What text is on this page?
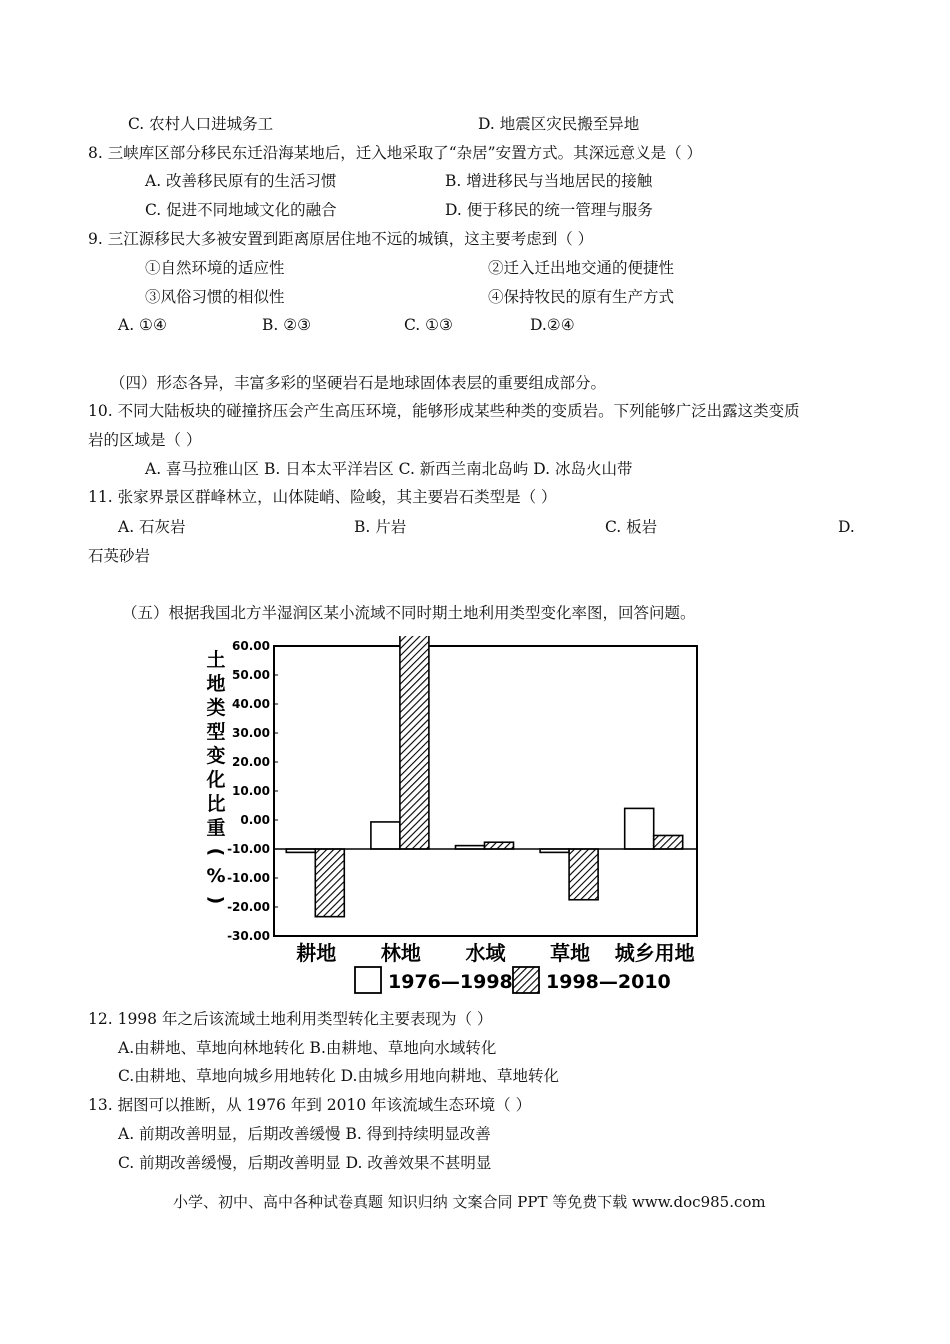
C. 农村人口进城务工	D. 地震区灾民搬至异地
8. 三峡库区部分移民东迁沿海某地后，迁入地采取了“杂居”安置方式。其深远意义是（ ）
A. 改善移民原有的生活习惯	B. 增进移民与当地居民的接触
C. 促进不同地域文化的融合	D. 便于移民的统一管理与服务
9. 三江源移民大多被安置到距离原居住地不远的城镇，这主要考虑到（ ）
①自然环境的适应性	②迁入迁出地交通的便捷性
③风俗习惯的相似性	④保持牧民的原有生产方式
A. ①④	B. ②③	C. ①③	D.②④
（四）形态各异，丰富多彩的坚硬岩石是地球固体表层的重要组成部分。
10. 不同大陆板块的碰撞挤压会产生高压环境，能够形成某些种类的变质岩。下列能够广泛出露这类变质
岩的区域是（ ）
A. 喜马拉雅山区 B. 日本太平洋岩区 C. 新西兰南北岛屿 D. 冰岛火山带
11. 张家界景区群峰林立，山体陡峭、险峻，其主要岩石类型是（ ）
A. 石灰岩	B. 片岩	C. 板岩	D.
石英砂岩
（五）根据我国北方半湿润区某小流域不同时期土地利用类型变化率图，回答问题。
土
地
类
型
变
化
比
重
(
%
)
60.00
50.00
40.00
30.00
20.00
10.00
0.00
-10.00
-10.00
-20.00
-30.00
耕地 林地 水域 草地 城乡用地
1976—1998 1998—2010
12. 1998 年之后该流域土地利用类型转化主要表现为（ ）
A.由耕地、草地向林地转化 B.由耕地、草地向水域转化
C.由耕地、草地向城乡用地转化 D.由城乡用地向耕地、草地转化
13. 据图可以推断，从 1976 年到 2010 年该流域生态环境（ ）
A. 前期改善明显，后期改善缓慢 B. 得到持续明显改善
C. 前期改善缓慢，后期改善明显 D. 改善效果不甚明显
小学、初中、高中各种试卷真题 知识归纳 文案合同 PPT 等免费下载 www.doc985.com
